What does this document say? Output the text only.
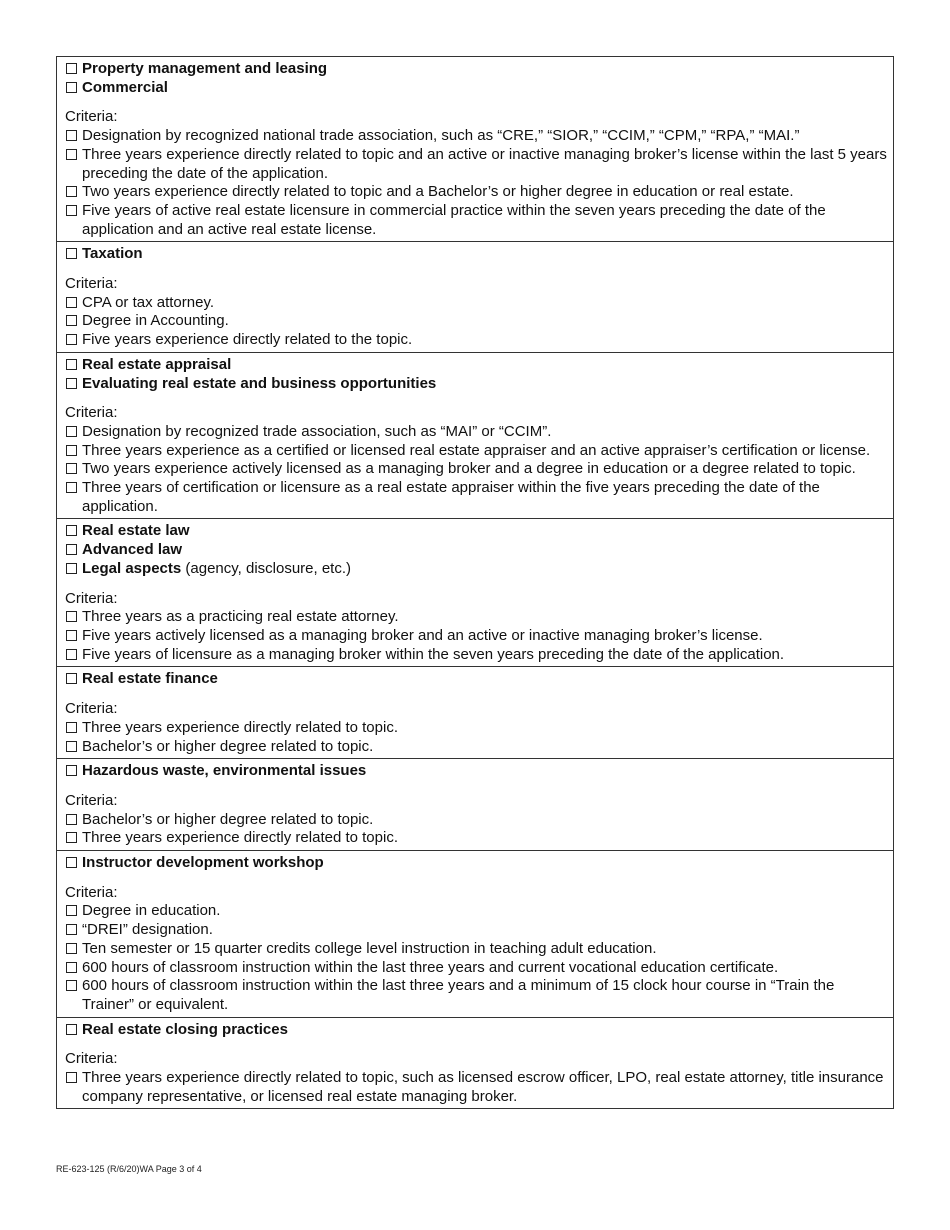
Property management and leasing
Commercial
Criteria:
Designation by recognized national trade association, such as “CRE,” “SIOR,” “CCIM,” “CPM,” “RPA,” “MAI.”
Three years experience directly related to topic and an active or inactive managing broker’s license within the last 5 years preceding the date of the application.
Two years experience directly related to topic and a Bachelor’s or higher degree in education or real estate.
Five years of active real estate licensure in commercial practice within the seven years preceding the date of the application and an active real estate license.
Taxation
Criteria:
CPA or tax attorney.
Degree in Accounting.
Five years experience directly related to the topic.
Real estate appraisal
Evaluating real estate and business opportunities
Criteria:
Designation by recognized trade association, such as “MAI” or “CCIM”.
Three years experience as a certified or licensed real estate appraiser and an active appraiser’s certification or license.
Two years experience actively licensed as a managing broker and a degree in education or a degree related to topic.
Three years of certification or licensure as a real estate appraiser within the five years preceding the date of the application.
Real estate law
Advanced law
Legal aspects (agency, disclosure, etc.)
Criteria:
Three years as a practicing real estate attorney.
Five years actively licensed as a managing broker and an active or inactive managing broker’s license.
Five years of licensure as a managing broker within the seven years preceding the date of the application.
Real estate finance
Criteria:
Three years experience directly related to topic.
Bachelor’s or higher degree related to topic.
Hazardous waste, environmental issues
Criteria:
Bachelor’s or higher degree related to topic.
Three years experience directly related to topic.
Instructor development workshop
Criteria:
Degree in education.
“DREI” designation.
Ten semester or 15 quarter credits college level instruction in teaching adult education.
600 hours of classroom instruction within the last three years and current vocational education certificate.
600 hours of classroom instruction within the last three years and a minimum of 15 clock hour course in “Train the Trainer” or equivalent.
Real estate closing practices
Criteria:
Three years experience directly related to topic, such as licensed escrow officer, LPO, real estate attorney, title insurance company representative, or licensed real estate managing broker.
RE-623-125 (R/6/20)WA Page 3 of 4
